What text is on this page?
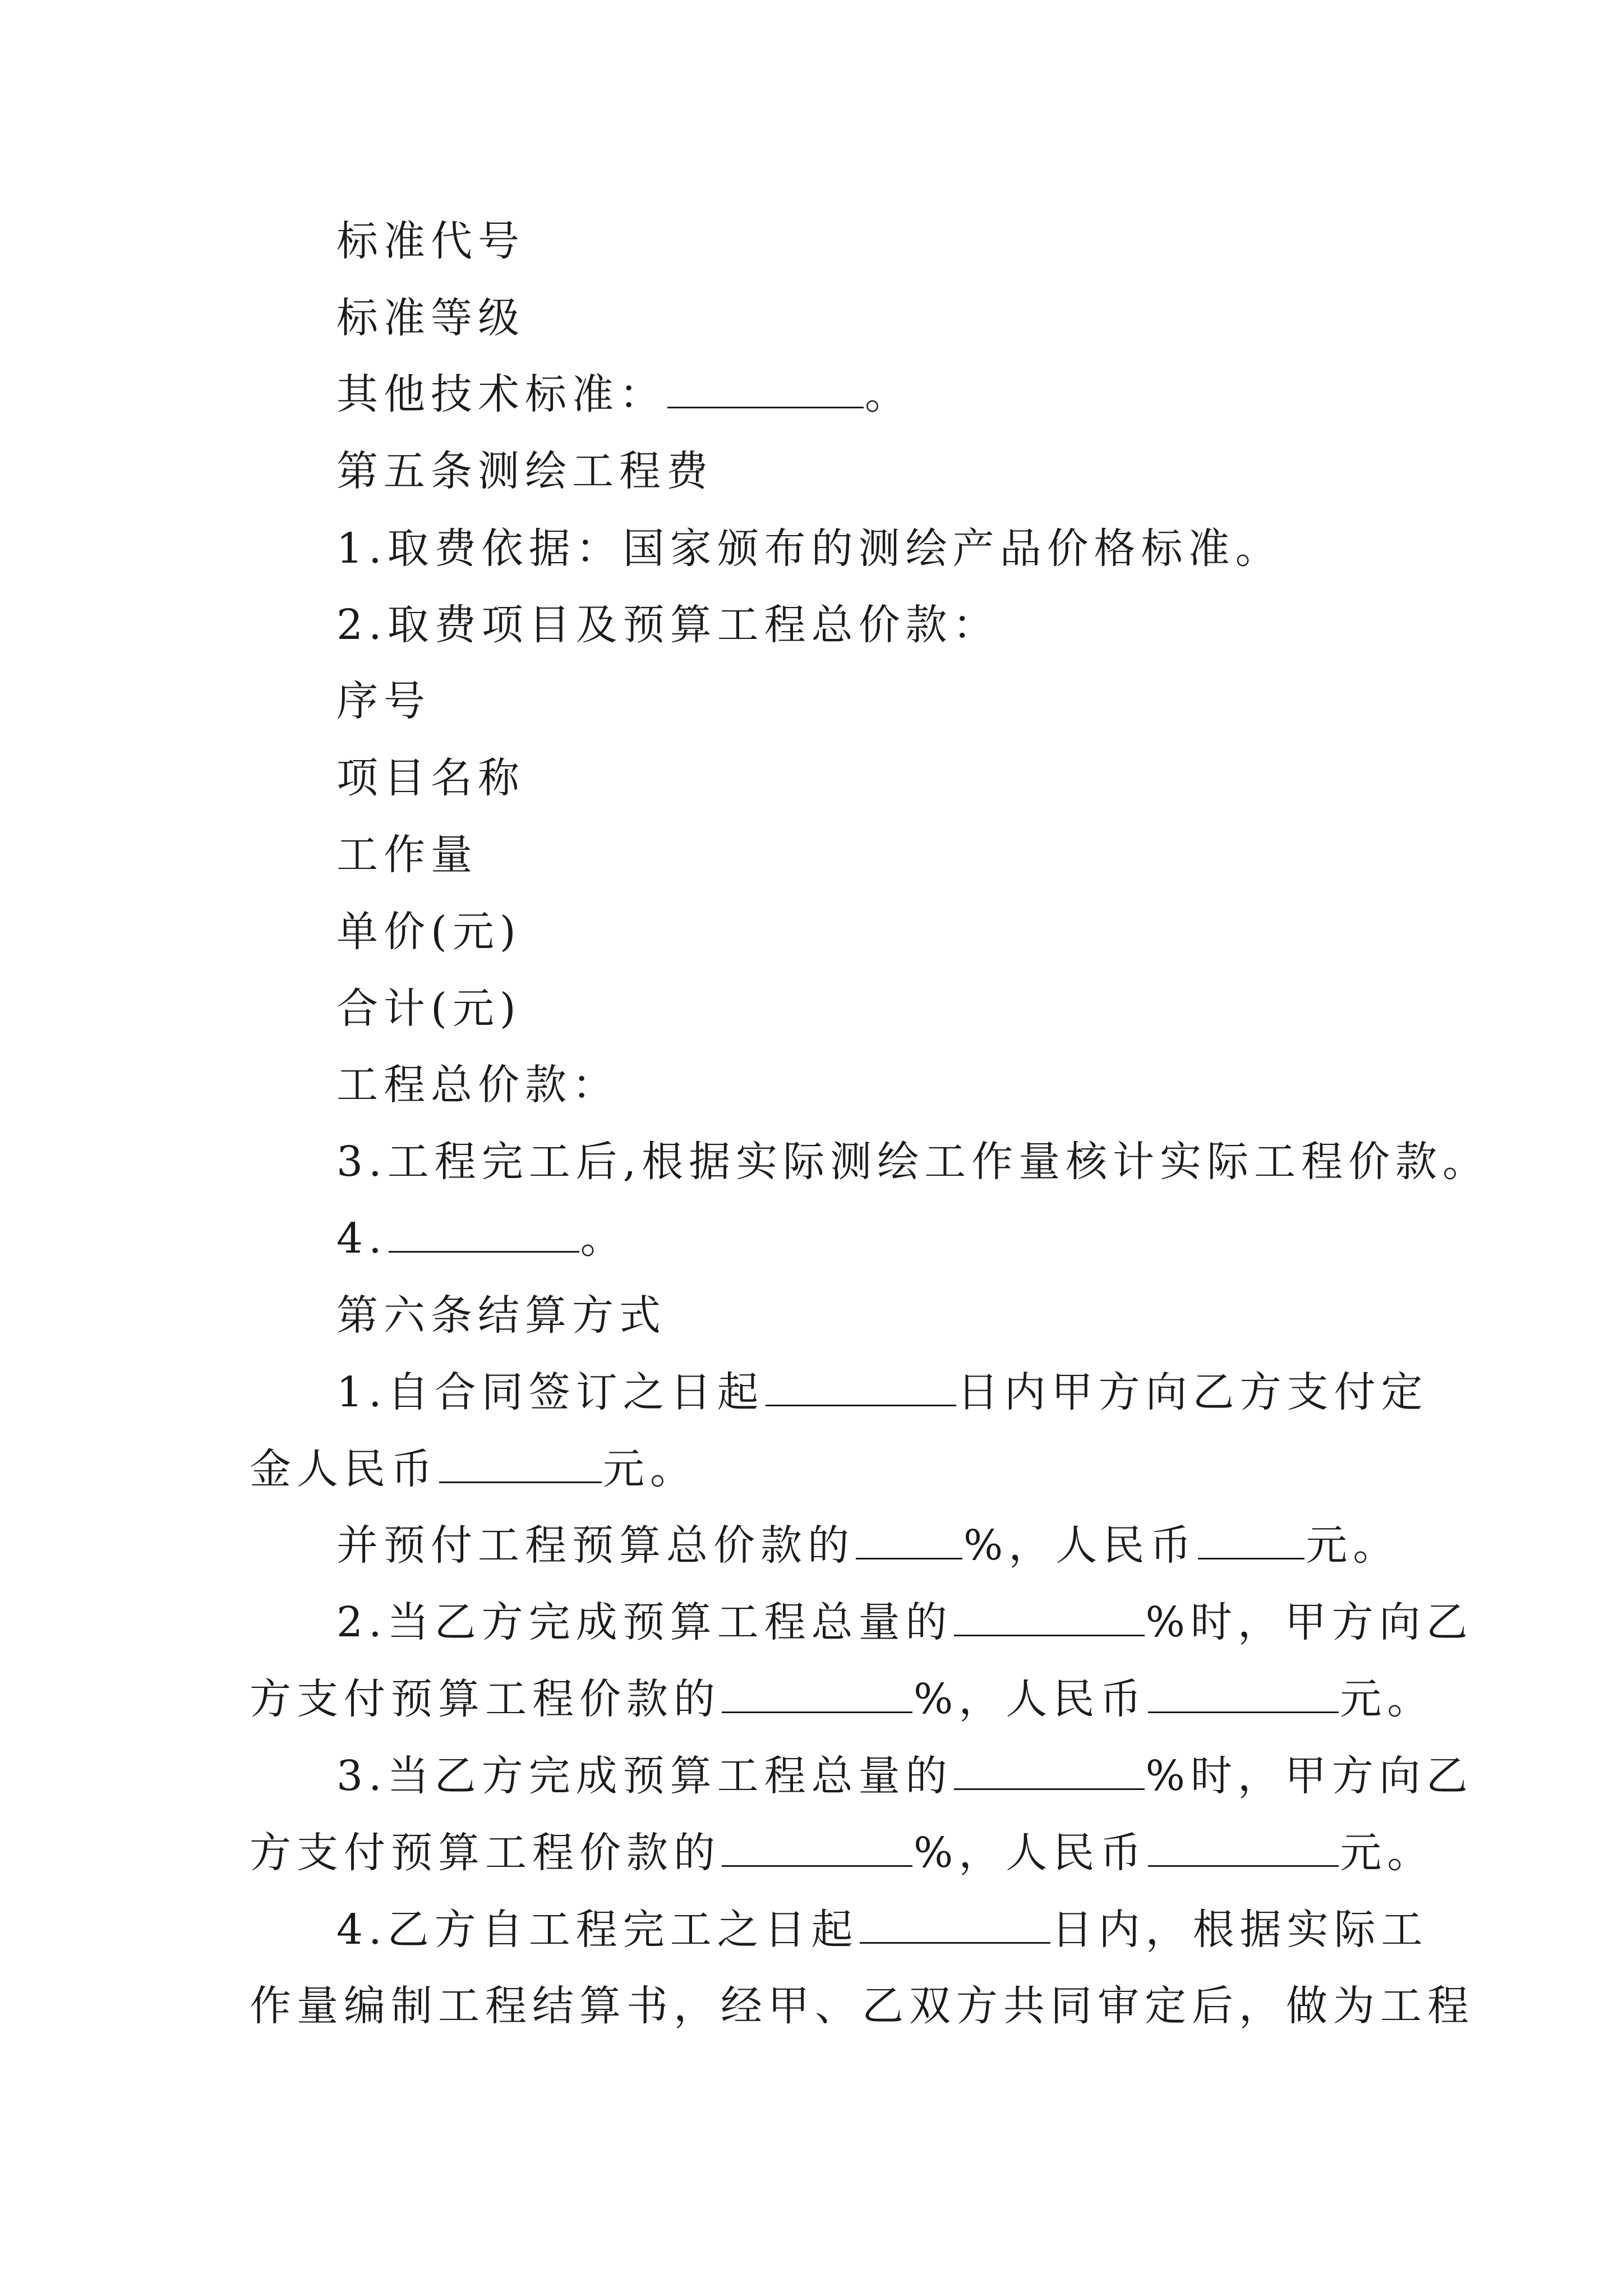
标准代号
标准等级
其他技术标准：	。
第五条测绘工程费
1.取费依据：国家颁布的测绘产品价格标准。
2.取费项目及预算工程总价款：
序号
项目名称
工作量
单价(元)
合计(元)
工程总价款：
3.工程完工后,根据实际测绘工作量核计实际工程价款。
4.	。
第六条结算方式
1.自合同签订之日起	日内甲方向乙方支付定
金人民币	元。
并预付工程预算总价款的	%，人民币	元。
2.当乙方完成预算工程总量的	%时，甲方向乙
方支付预算工程价款的	%，人民币	元。
3.当乙方完成预算工程总量的	%时，甲方向乙
方支付预算工程价款的	%，人民币	元。
4.乙方自工程完工之日起	日内，根据实际工
作量编制工程结算书，经甲、乙双方共同审定后，做为工程
